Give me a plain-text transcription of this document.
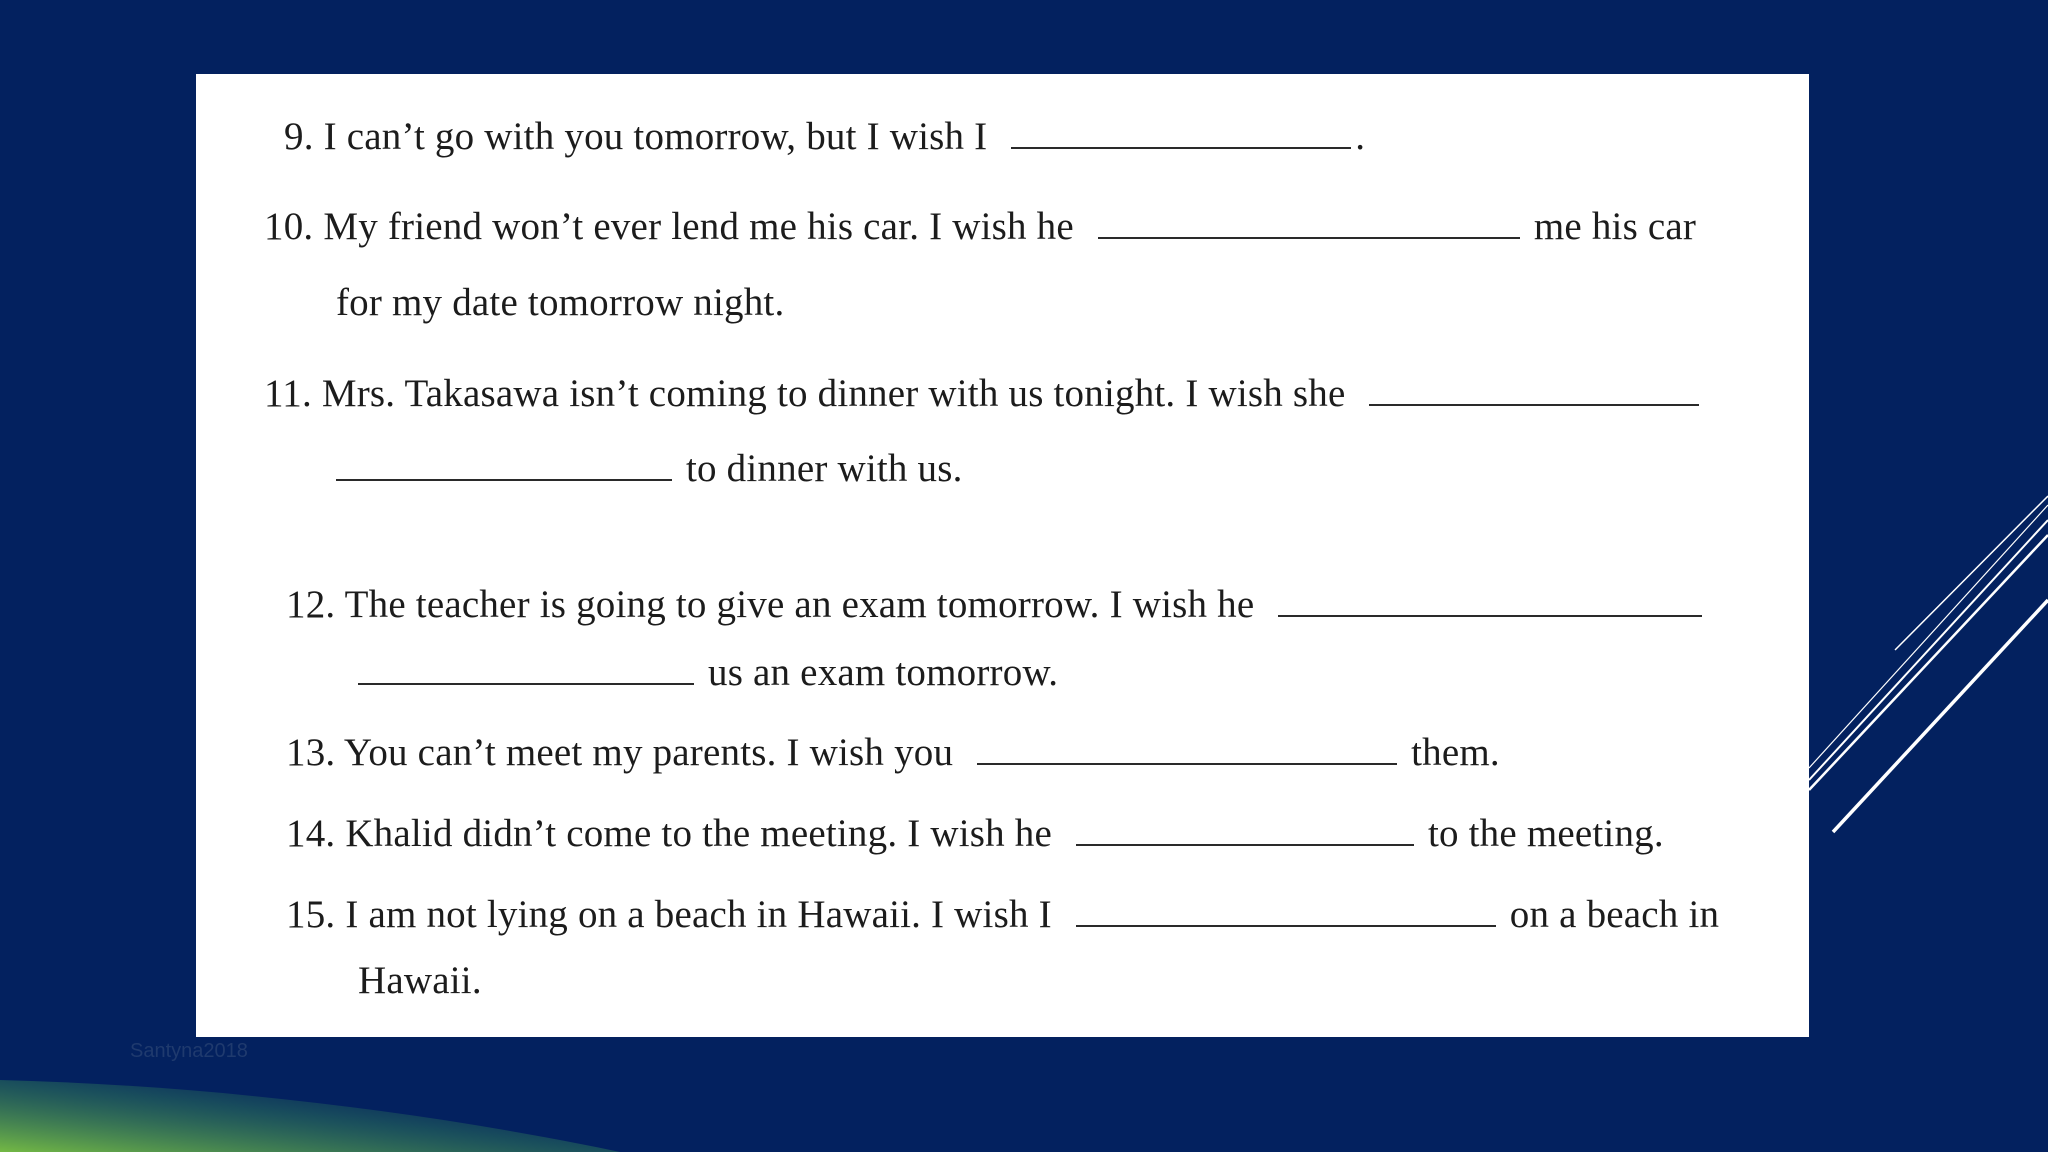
9. I can’t go with you tomorrow, but I wish I	.
10. My friend won’t ever lend me his car. I wish he	me his car
for my date tomorrow night.
11. Mrs. Takasawa isn’t coming to dinner with us tonight. I wish she
to dinner with us.
12. The teacher is going to give an exam tomorrow. I wish he
us an exam tomorrow.
13. You can’t meet my parents. I wish you	them.
14. Khalid didn’t come to the meeting. I wish he	to the meeting.
15. I am not lying on a beach in Hawaii. I wish I	on a beach in
Hawaii.
Santyna2018
